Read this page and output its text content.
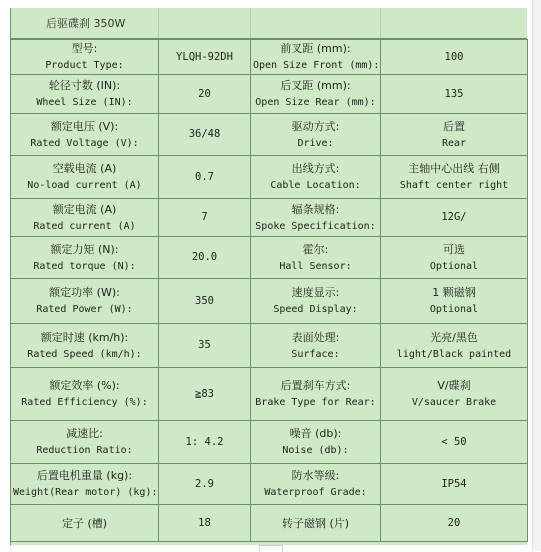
后驱碟刹 350W
型号:
Product Type:	YLQH-92DH	前叉距 (mm):
Open Size Front (mm):	100

轮径寸数 (IN):
Wheel Size (IN):	20	后叉距 (mm):
Open Size Rear (mm):	135

额定电压 (V):
Rated Voltage (V):	36/48	驱动方式:
Drive:	后置
Rear

空载电流 (A)
No-load current (A)	0.7	出线方式:
Cable Location:	主轴中心出线 右侧
Shaft center right

额定电流 (A)
Rated current (A)	7	辐条规格:
Spoke Specification:	12G/

额定力矩 (N):
Rated torque (N):	20.0	霍尔:
Hall Sensor:	可选
Optional

额定功率 (W):
Rated Power (W):	350	速度显示:
Speed Display:	1 颗磁钢
Optional

额定时速 (km/h):
Rated Speed (km/h):	35	表面处理:
Surface:	光亮/黑色
light/Black painted

额定效率 (%):
Rated Efficiency (%):	≧83	后置刹车方式:
Brake Type for Rear:	V/碟刹
V/saucer Brake

减速比:
Reduction Ratio:	1: 4.2	噪音 (db):
Noise (db):	< 50

后置电机重量 (kg):
Weight(Rear motor) (kg):	2.9	防水等级:
Waterproof Grade:	IP54

定子 (槽)	18	转子磁钢 (片)	20
